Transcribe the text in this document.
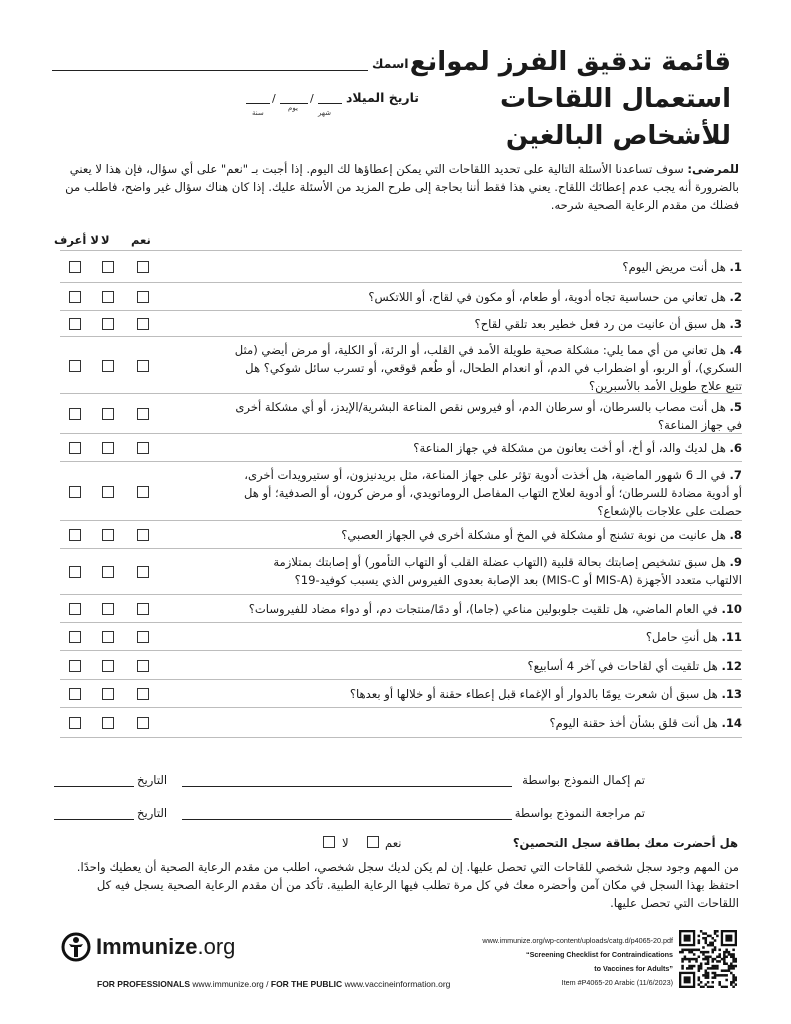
قائمة تدقيق الفرز لموانع
استعمال اللقاحات
للأشخاص البالغين
اسمك
تاريخ الميلاد
/	/
سنة
يوم
شهر
للمرضى: سوف تساعدنا الأسئلة التالية على تحديد اللقاحات التي يمكن إعطاؤها لك اليوم. إذا أجبت بـ "نعم" على أي سؤال، فإن هذا لا يعني بالضرورة أنه يجب عدم إعطائك اللقاح. يعني هذا فقط أننا بحاجة إلى طرح المزيد من الأسئلة عليك. إذا كان هناك سؤال غير واضح، فاطلب من فضلك من مقدم الرعاية الصحية شرحه.
نعم
لا
لا أعرف
1. هل أنت مريض اليوم؟
2. هل تعاني من حساسية تجاه أدوية، أو طعام، أو مكون في لقاح، أو اللاتكس؟
3. هل سبق أن عانيت من رد فعل خطير بعد تلقي لقاح؟
4. هل تعاني من أي مما يلي: مشكلة صحية طويلة الأمد في القلب، أو الرئة، أو الكلية، أو مرض أيضي (مثل السكري)، أو الربو، أو اضطراب في الدم، أو انعدام الطحال، أو طُعم قوقعي، أو تسرب سائل شوكي؟ هل تتبع علاج طويل الأمد بالأسبرين؟
5. هل أنت مصاب بالسرطان، أو سرطان الدم، أو فيروس نقص المناعة البشرية/الإيدز، أو أي مشكلة أخرى في جهاز المناعة؟
6. هل لديك والد، أو أخ، أو أخت يعانون من مشكلة في جهاز المناعة؟
7. في الـ 6 شهور الماضية، هل أخذت أدوية تؤثر على جهاز المناعة، مثل بريدنيزون، أو ستيرويدات أخرى، أو أدوية مضادة للسرطان؛ أو أدوية لعلاج التهاب المفاصل الروماتويدي، أو مرض كرون، أو الصدفية؛ أو هل حصلت على علاجات بالإشعاع؟
8. هل عانيت من نوبة تشنج أو مشكلة في المخ أو مشكلة أخرى في الجهاز العصبي؟
9. هل سبق تشخيص إصابتك بحالة قلبية (التهاب عضلة القلب أو التهاب التأمور) أو إصابتك بمتلازمة الالتهاب متعدد الأجهزة (MIS-A أو MIS-C) بعد الإصابة بعدوى الفيروس الذي يسبب كوفيد-19؟
10. في العام الماضي، هل تلقيت جلوبولين مناعي (جاما)، أو دمًا/منتجات دم، أو دواء مضاد للفيروسات؟
11. هل أنتِ حامل؟
12. هل تلقيت أي لقاحات في آخر 4 أسابيع؟
13. هل سبق أن شعرت يومًا بالدوار أو الإغماء قبل إعطاء حقنة أو خلالها أو بعدها؟
14. هل أنت قلق بشأن أخذ حقنة اليوم؟
تم إكمال النموذج بواسطة
التاريخ
تم مراجعة النموذج بواسطة
التاريخ
هل أحضرت معك بطاقة سجل التحصين؟
نعم
لا
من المهم وجود سجل شخصي للقاحات التي تحصل عليها. إن لم يكن لديك سجل شخصي، اطلب من مقدم الرعاية الصحية أن يعطيك واحدًا. احتفظ بهذا السجل في مكان آمن وأحضره معك في كل مرة تطلب فيها الرعاية الطبية. تأكد من أن مقدم الرعاية الصحية يسجل فيه كل اللقاحات التي تحصل عليها.
Immunize.org
FOR PROFESSIONALS www.immunize.org / FOR THE PUBLIC www.vaccineinformation.org
www.immunize.org/wp-content/uploads/catg.d/p4065-20.pdf
“Screening Checklist for Contraindications
to Vaccines for Adults”
Item #P4065-20 Arabic (11/6/2023)
